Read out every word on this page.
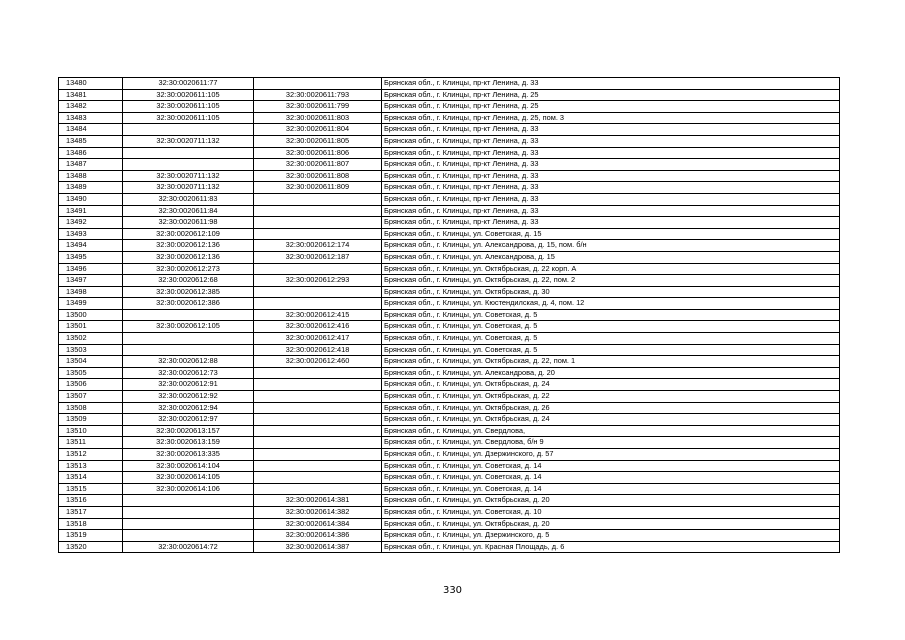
13480	32:30:0020611:77		Брянская обл., г. Клинцы, пр-кт Ленина, д. 33
13481	32:30:0020611:105	32:30:0020611:793	Брянская обл., г. Клинцы, пр-кт Ленина, д. 25
13482	32:30:0020611:105	32:30:0020611:799	Брянская обл., г. Клинцы, пр-кт Ленина, д. 25
13483	32:30:0020611:105	32:30:0020611:803	Брянская обл., г. Клинцы, пр-кт Ленина, д. 25, пом. 3
13484		32:30:0020611:804	Брянская обл., г. Клинцы, пр-кт Ленина, д. 33
13485	32:30:0020711:132	32:30:0020611:805	Брянская обл., г. Клинцы, пр-кт Ленина, д. 33
13486		32:30:0020611:806	Брянская обл., г. Клинцы, пр-кт Ленина, д. 33
13487		32:30:0020611:807	Брянская обл., г. Клинцы, пр-кт Ленина, д. 33
13488	32:30:0020711:132	32:30:0020611:808	Брянская обл., г. Клинцы, пр-кт Ленина, д. 33
13489	32:30:0020711:132	32:30:0020611:809	Брянская обл., г. Клинцы, пр-кт Ленина, д. 33
13490	32:30:0020611:83		Брянская обл., г. Клинцы, пр-кт Ленина, д. 33
13491	32:30:0020611:84		Брянская обл., г. Клинцы, пр-кт Ленина, д. 33
13492	32:30:0020611:98		Брянская обл., г. Клинцы, пр-кт Ленина, д. 33
13493	32:30:0020612:109		Брянская обл., г. Клинцы, ул. Советская, д. 15
13494	32:30:0020612:136	32:30:0020612:174	Брянская обл., г. Клинцы, ул. Александрова, д. 15, пом. б/н
13495	32:30:0020612:136	32:30:0020612:187	Брянская обл., г. Клинцы, ул. Александрова, д. 15
13496	32:30:0020612:273		Брянская обл., г. Клинцы, ул. Октябрьская, д. 22 корп. А
13497	32:30:0020612:68	32:30:0020612:293	Брянская обл., г. Клинцы, ул. Октябрьская, д. 22, пом. 2
13498	32:30:0020612:385		Брянская обл., г. Клинцы, ул. Октябрьская, д. 30
13499	32:30:0020612:386		Брянская обл., г. Клинцы, ул. Кюстендилская, д. 4, пом. 12
13500		32:30:0020612:415	Брянская обл., г. Клинцы, ул. Советская, д. 5
13501	32:30:0020612:105	32:30:0020612:416	Брянская обл., г. Клинцы, ул. Советская, д. 5
13502		32:30:0020612:417	Брянская обл., г. Клинцы, ул. Советская, д. 5
13503		32:30:0020612:418	Брянская обл., г. Клинцы, ул. Советская, д. 5
13504	32:30:0020612:88	32:30:0020612:460	Брянская обл., г. Клинцы, ул. Октябрьская, д. 22, пом. 1
13505	32:30:0020612:73		Брянская обл., г. Клинцы, ул. Александрова, д. 20
13506	32:30:0020612:91		Брянская обл., г. Клинцы, ул. Октябрьская, д. 24
13507	32:30:0020612:92		Брянская обл., г. Клинцы, ул. Октябрьская, д. 22
13508	32:30:0020612:94		Брянская обл., г. Клинцы, ул. Октябрьская, д. 26
13509	32:30:0020612:97		Брянская обл., г. Клинцы, ул. Октябрьская, д. 24
13510	32:30:0020613:157		Брянская обл., г. Клинцы, ул. Свердлова,
13511	32:30:0020613:159		Брянская обл., г. Клинцы, ул. Свердлова, б/н 9
13512	32:30:0020613:335		Брянская обл., г. Клинцы, ул. Дзержинского, д. 57
13513	32:30:0020614:104		Брянская обл., г. Клинцы, ул. Советская, д. 14
13514	32:30:0020614:105		Брянская обл., г. Клинцы, ул. Советская, д. 14
13515	32:30:0020614:106		Брянская обл., г. Клинцы, ул. Советская, д. 14
13516		32:30:0020614:381	Брянская обл., г. Клинцы, ул. Октябрьская, д. 20
13517		32:30:0020614:382	Брянская обл., г. Клинцы, ул. Советская, д. 10
13518		32:30:0020614:384	Брянская обл., г. Клинцы, ул. Октябрьская, д. 20
13519		32:30:0020614:386	Брянская обл., г. Клинцы, ул. Дзержинского, д. 5
13520	32:30:0020614:72	32:30:0020614:387	Брянская обл., г. Клинцы, ул. Красная Площадь, д. 6
330
